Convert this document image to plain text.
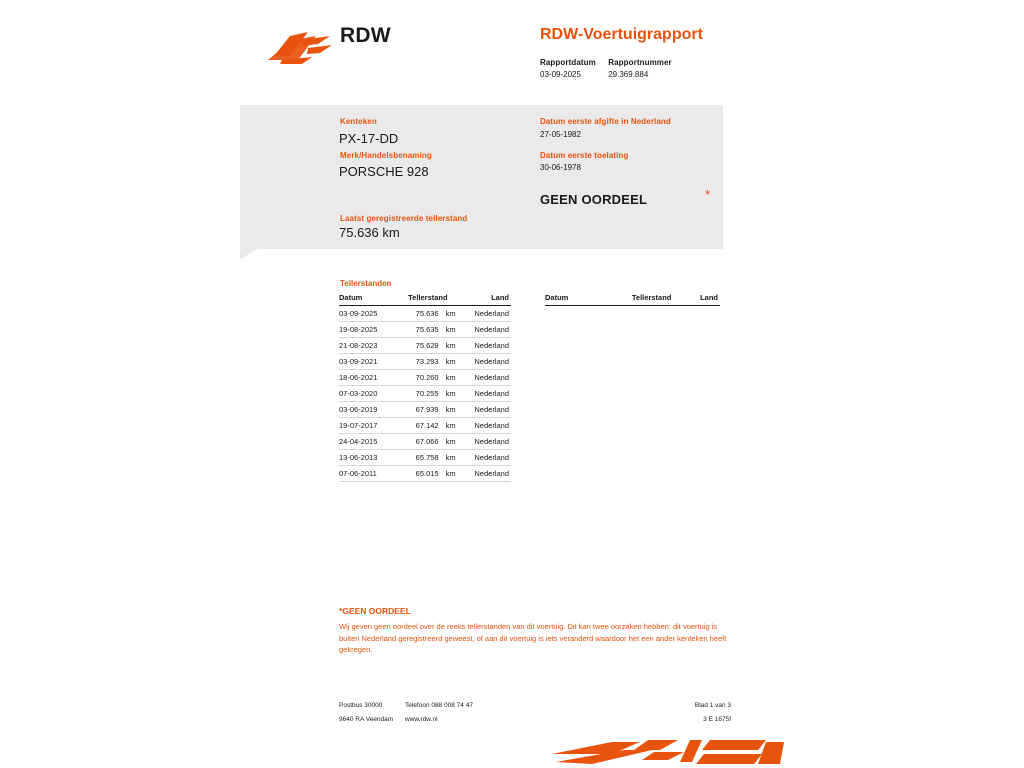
RDW	RDW-Voertuigrapport
Rapportdatum
03-09-2025

Rapportnummer
29.369.884
Kenteken
PX-17-DD
Merk/Handelsbenaming
PORSCHE 928
Laatst geregistreerde tellerstand
75.636 km
Datum eerste afgifte in Nederland
27-05-1982
Datum eerste toelating
30-06-1978
GEEN OORDEEL	*
Tellerstanden
Datum	Tellerstand		Land
03-09-2025	75.636	km	Nederland
19-08-2025	75.635	km	Nederland
21-08-2023	75.629	km	Nederland
03-09-2021	73.293	km	Nederland
18-06-2021	70.260	km	Nederland
07-03-2020	70.255	km	Nederland
03-06-2019	67.939	km	Nederland
19-07-2017	67.142	km	Nederland
24-04-2015	67.066	km	Nederland
13-06-2013	65.758	km	Nederland
07-06-2011	65.015	km	Nederland
Datum	Tellerstand	Land
*GEEN OORDEEL
Wij geven geen oordeel over de reeks tellerstanden van dit voertuig. Dit kan twee oorzaken hebben: dit voertuig is buiten Nederland geregistreerd geweest, of aan dit voertuig is iets veranderd waardoor het een ander kenteken heeft gekregen.
Postbus 30000
9640 RA Veendam
Telefoon 088 008 74 47
www.rdw.nl
Blad 1 van 3
3 E 1675f
